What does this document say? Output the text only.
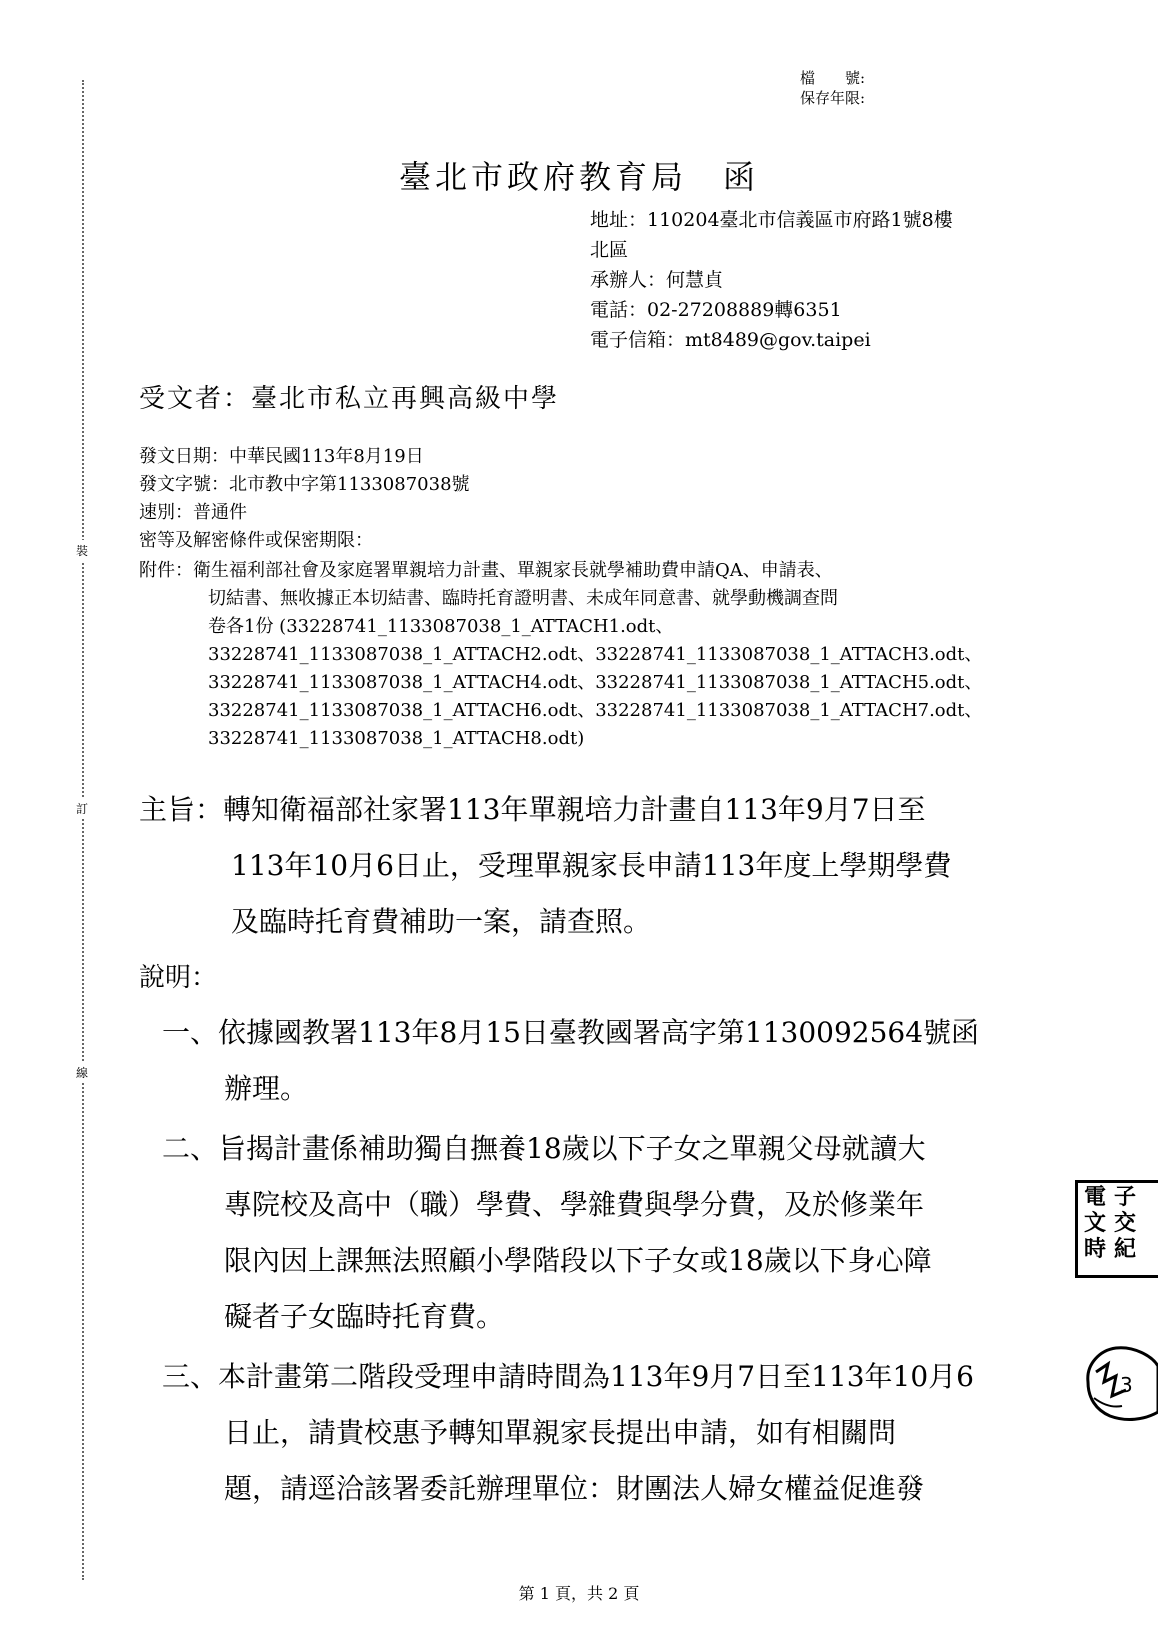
裝
訂
線
檔　　號:
保存年限:
臺北市政府教育局　函
地址：110204臺北市信義區市府路1號8樓
北區
承辦人：何慧貞
電話：02-27208889轉6351
電子信箱：mt8489@gov.taipei
受文者：臺北市私立再興高級中學
發文日期：中華民國113年8月19日
發文字號：北市教中字第1133087038號
速別：普通件
密等及解密條件或保密期限：
附件：衛生福利部社會及家庭署單親培力計畫、單親家長就學補助費申請QA、申請表、
切結書、無收據正本切結書、臨時托育證明書、未成年同意書、就學動機調查問
卷各1份 (33228741_1133087038_1_ATTACH1.odt、
33228741_1133087038_1_ATTACH2.odt、33228741_1133087038_1_ATTACH3.odt、
33228741_1133087038_1_ATTACH4.odt、33228741_1133087038_1_ATTACH5.odt、
33228741_1133087038_1_ATTACH6.odt、33228741_1133087038_1_ATTACH7.odt、
33228741_1133087038_1_ATTACH8.odt)
主旨：轉知衛福部社家署113年單親培力計畫自113年9月7日至
113年10月6日止，受理單親家長申請113年度上學期學費
及臨時托育費補助一案，請查照。
說明：
一、依據國教署113年8月15日臺教國署高字第1130092564號函
辦理。
二、旨揭計畫係補助獨自撫養18歲以下子女之單親父母就讀大
專院校及高中（職）學費、學雜費與學分費，及於修業年
限內因上課無法照顧小學階段以下子女或18歲以下身心障
礙者子女臨時托育費。
三、本計畫第二階段受理申請時間為113年9月7日至113年10月6
日止，請貴校惠予轉知單親家長提出申請，如有相關問
題，請逕洽該署委託辦理單位：財團法人婦女權益促進發
電
文
時
子
交
紀
3
第 1 頁，共 2 頁
